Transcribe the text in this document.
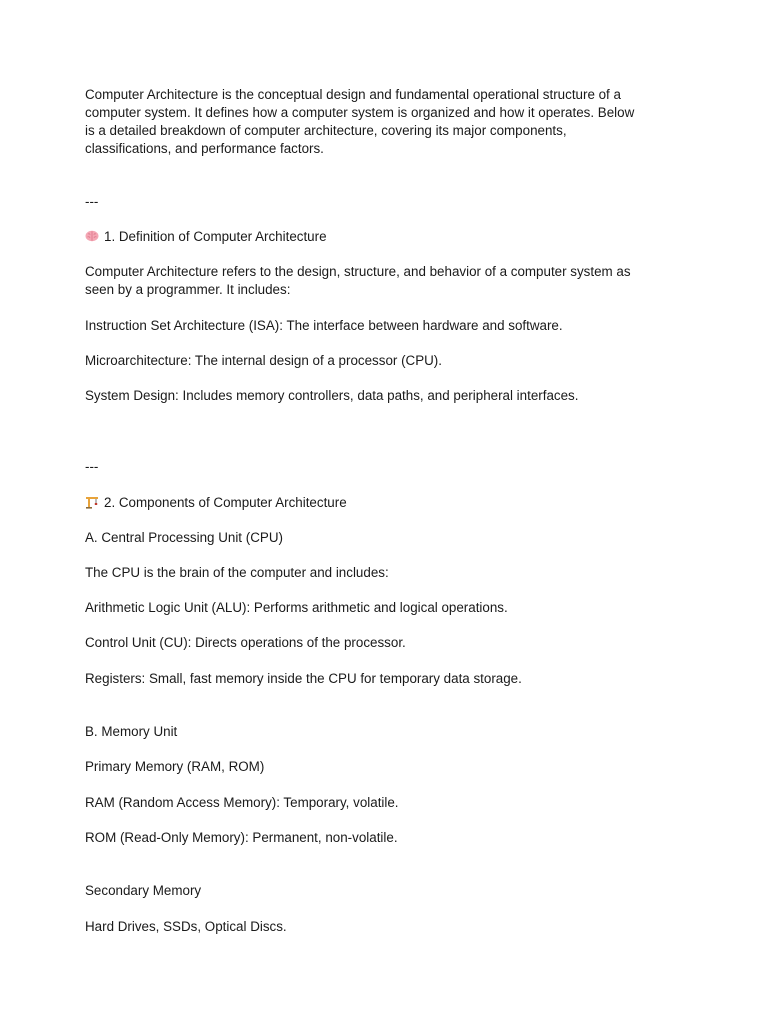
Computer Architecture is the conceptual design and fundamental operational structure of a
computer system. It defines how a computer system is organized and how it operates. Below
is a detailed breakdown of computer architecture, covering its major components,
classifications, and performance factors.
---
1. Definition of Computer Architecture
Computer Architecture refers to the design, structure, and behavior of a computer system as
seen by a programmer. It includes:
Instruction Set Architecture (ISA): The interface between hardware and software.
Microarchitecture: The internal design of a processor (CPU).
System Design: Includes memory controllers, data paths, and peripheral interfaces.
---
2. Components of Computer Architecture
A. Central Processing Unit (CPU)
The CPU is the brain of the computer and includes:
Arithmetic Logic Unit (ALU): Performs arithmetic and logical operations.
Control Unit (CU): Directs operations of the processor.
Registers: Small, fast memory inside the CPU for temporary data storage.
B. Memory Unit
Primary Memory (RAM, ROM)
RAM (Random Access Memory): Temporary, volatile.
ROM (Read-Only Memory): Permanent, non-volatile.
Secondary Memory
Hard Drives, SSDs, Optical Discs.
